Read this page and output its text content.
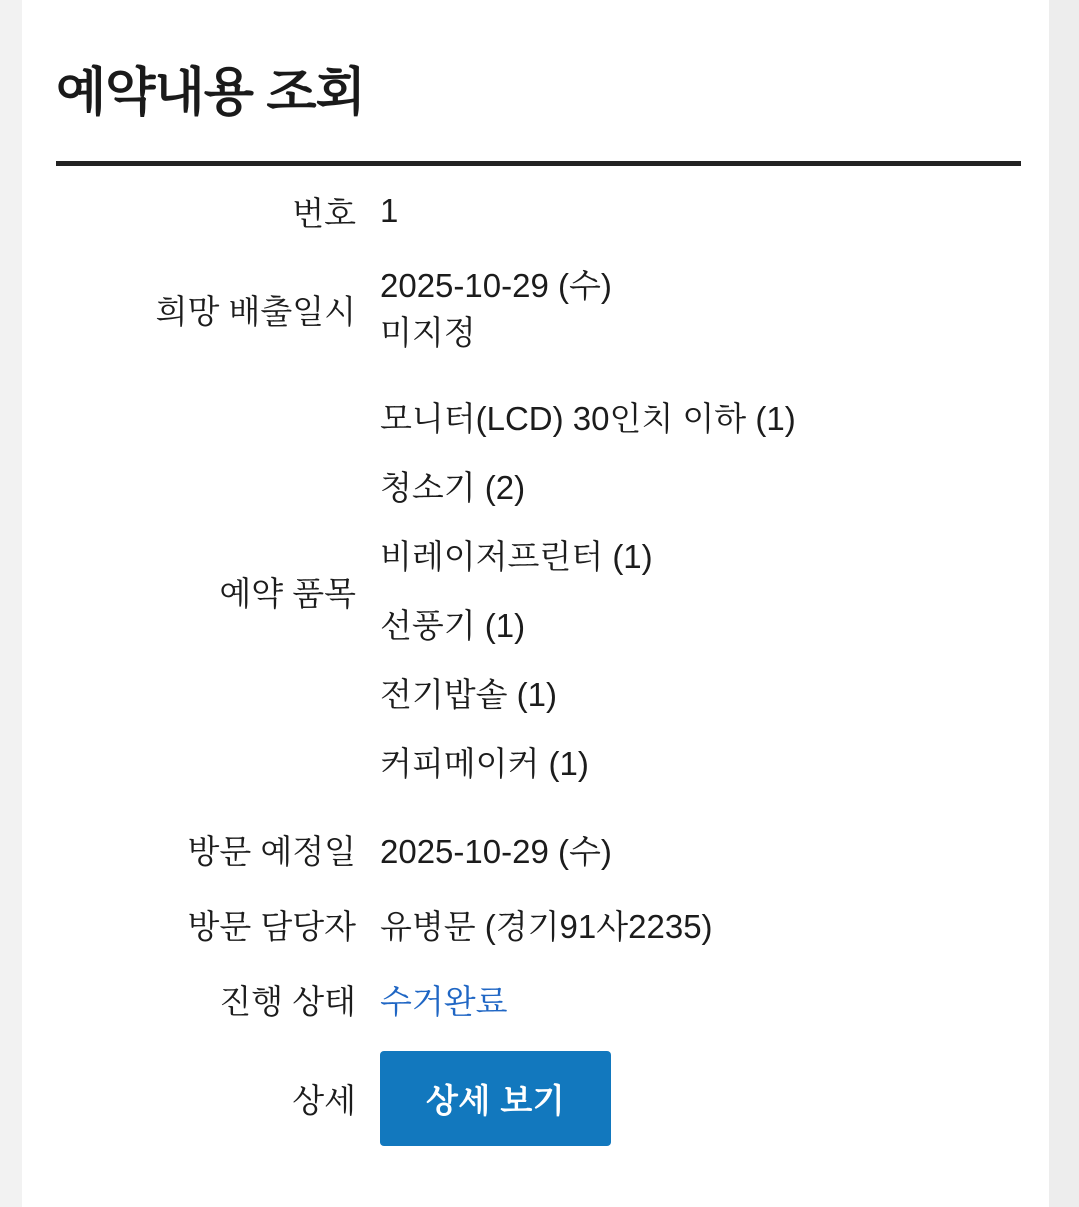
예약내용 조회
번호	1
희망 배출일시	2025-10-29 (수)
미지정

예약 품목	
모니터(LCD) 30인치 이하 (1)
청소기 (2)
비레이저프린터 (1)
선풍기 (1)
전기밥솥 (1)
커피메이커 (1)

방문 예정일	2025-10-29 (수)
방문 담당자	유병문 (경기91사2235)
진행 상태	수거완료
상세	상세 보기
